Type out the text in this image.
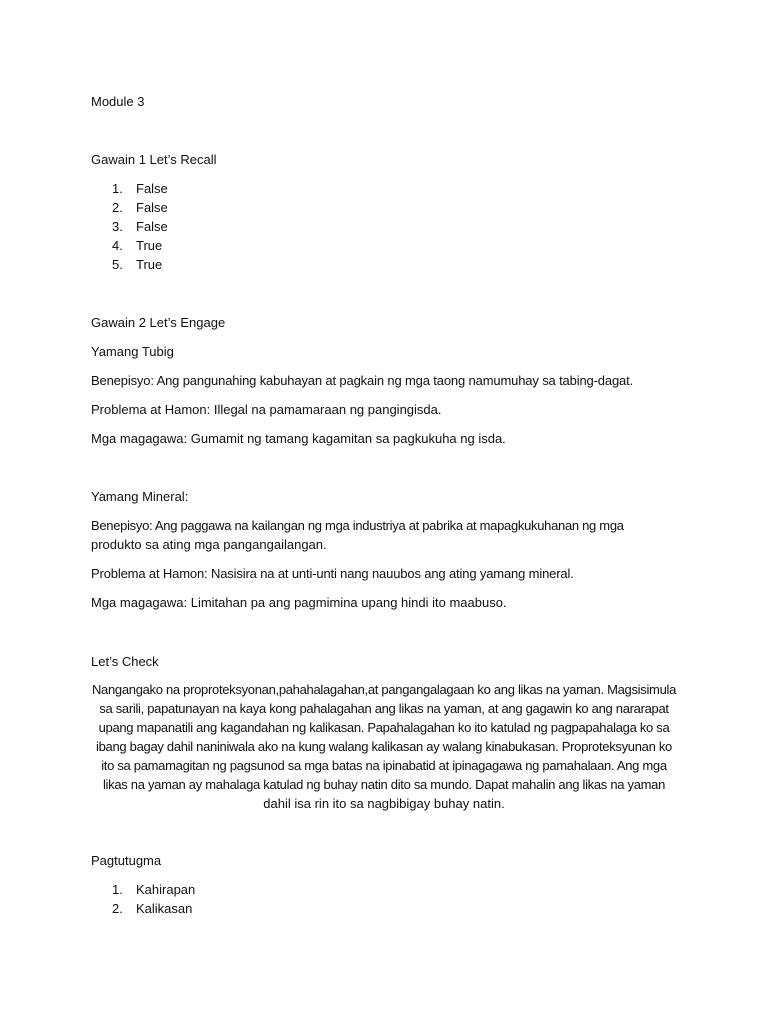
Module 3
Gawain 1 Let’s Recall
1. False
2. False
3. False
4. True
5. True
Gawain 2 Let’s Engage
Yamang Tubig
Benepisyo: Ang pangunahing kabuhayan at pagkain ng mga taong namumuhay sa tabing-dagat.
Problema at Hamon: Illegal na pamamaraan ng pangingisda.
Mga magagawa: Gumamit ng tamang kagamitan sa pagkukuha ng isda.
Yamang Mineral:
Benepisyo: Ang paggawa na kailangan ng mga industriya at pabrika at mapagkukuhanan ng mga
produkto sa ating mga pangangailangan.
Problema at Hamon: Nasisira na at unti-unti nang nauubos ang ating yamang mineral.
Mga magagawa: Limitahan pa ang pagmimina upang hindi ito maabuso.
Let’s Check
Nangangako na proproteksyonan,pahahalagahan,at pangangalagaan ko ang likas na yaman. Magsisimula
sa sarili, papatunayan na kaya kong pahalagahan ang likas na yaman, at ang gagawin ko ang nararapat
upang mapanatili ang kagandahan ng kalikasan. Papahalagahan ko ito katulad ng pagpapahalaga ko sa
ibang bagay dahil naniniwala ako na kung walang kalikasan ay walang kinabukasan. Proproteksyunan ko
ito sa pamamagitan ng pagsunod sa mga batas na ipinabatid at ipinagagawa ng pamahalaan. Ang mga
likas na yaman ay mahalaga katulad ng buhay natin dito sa mundo. Dapat mahalin ang likas na yaman
dahil isa rin ito sa nagbibigay buhay natin.
Pagtutugma
1. Kahirapan
2. Kalikasan
